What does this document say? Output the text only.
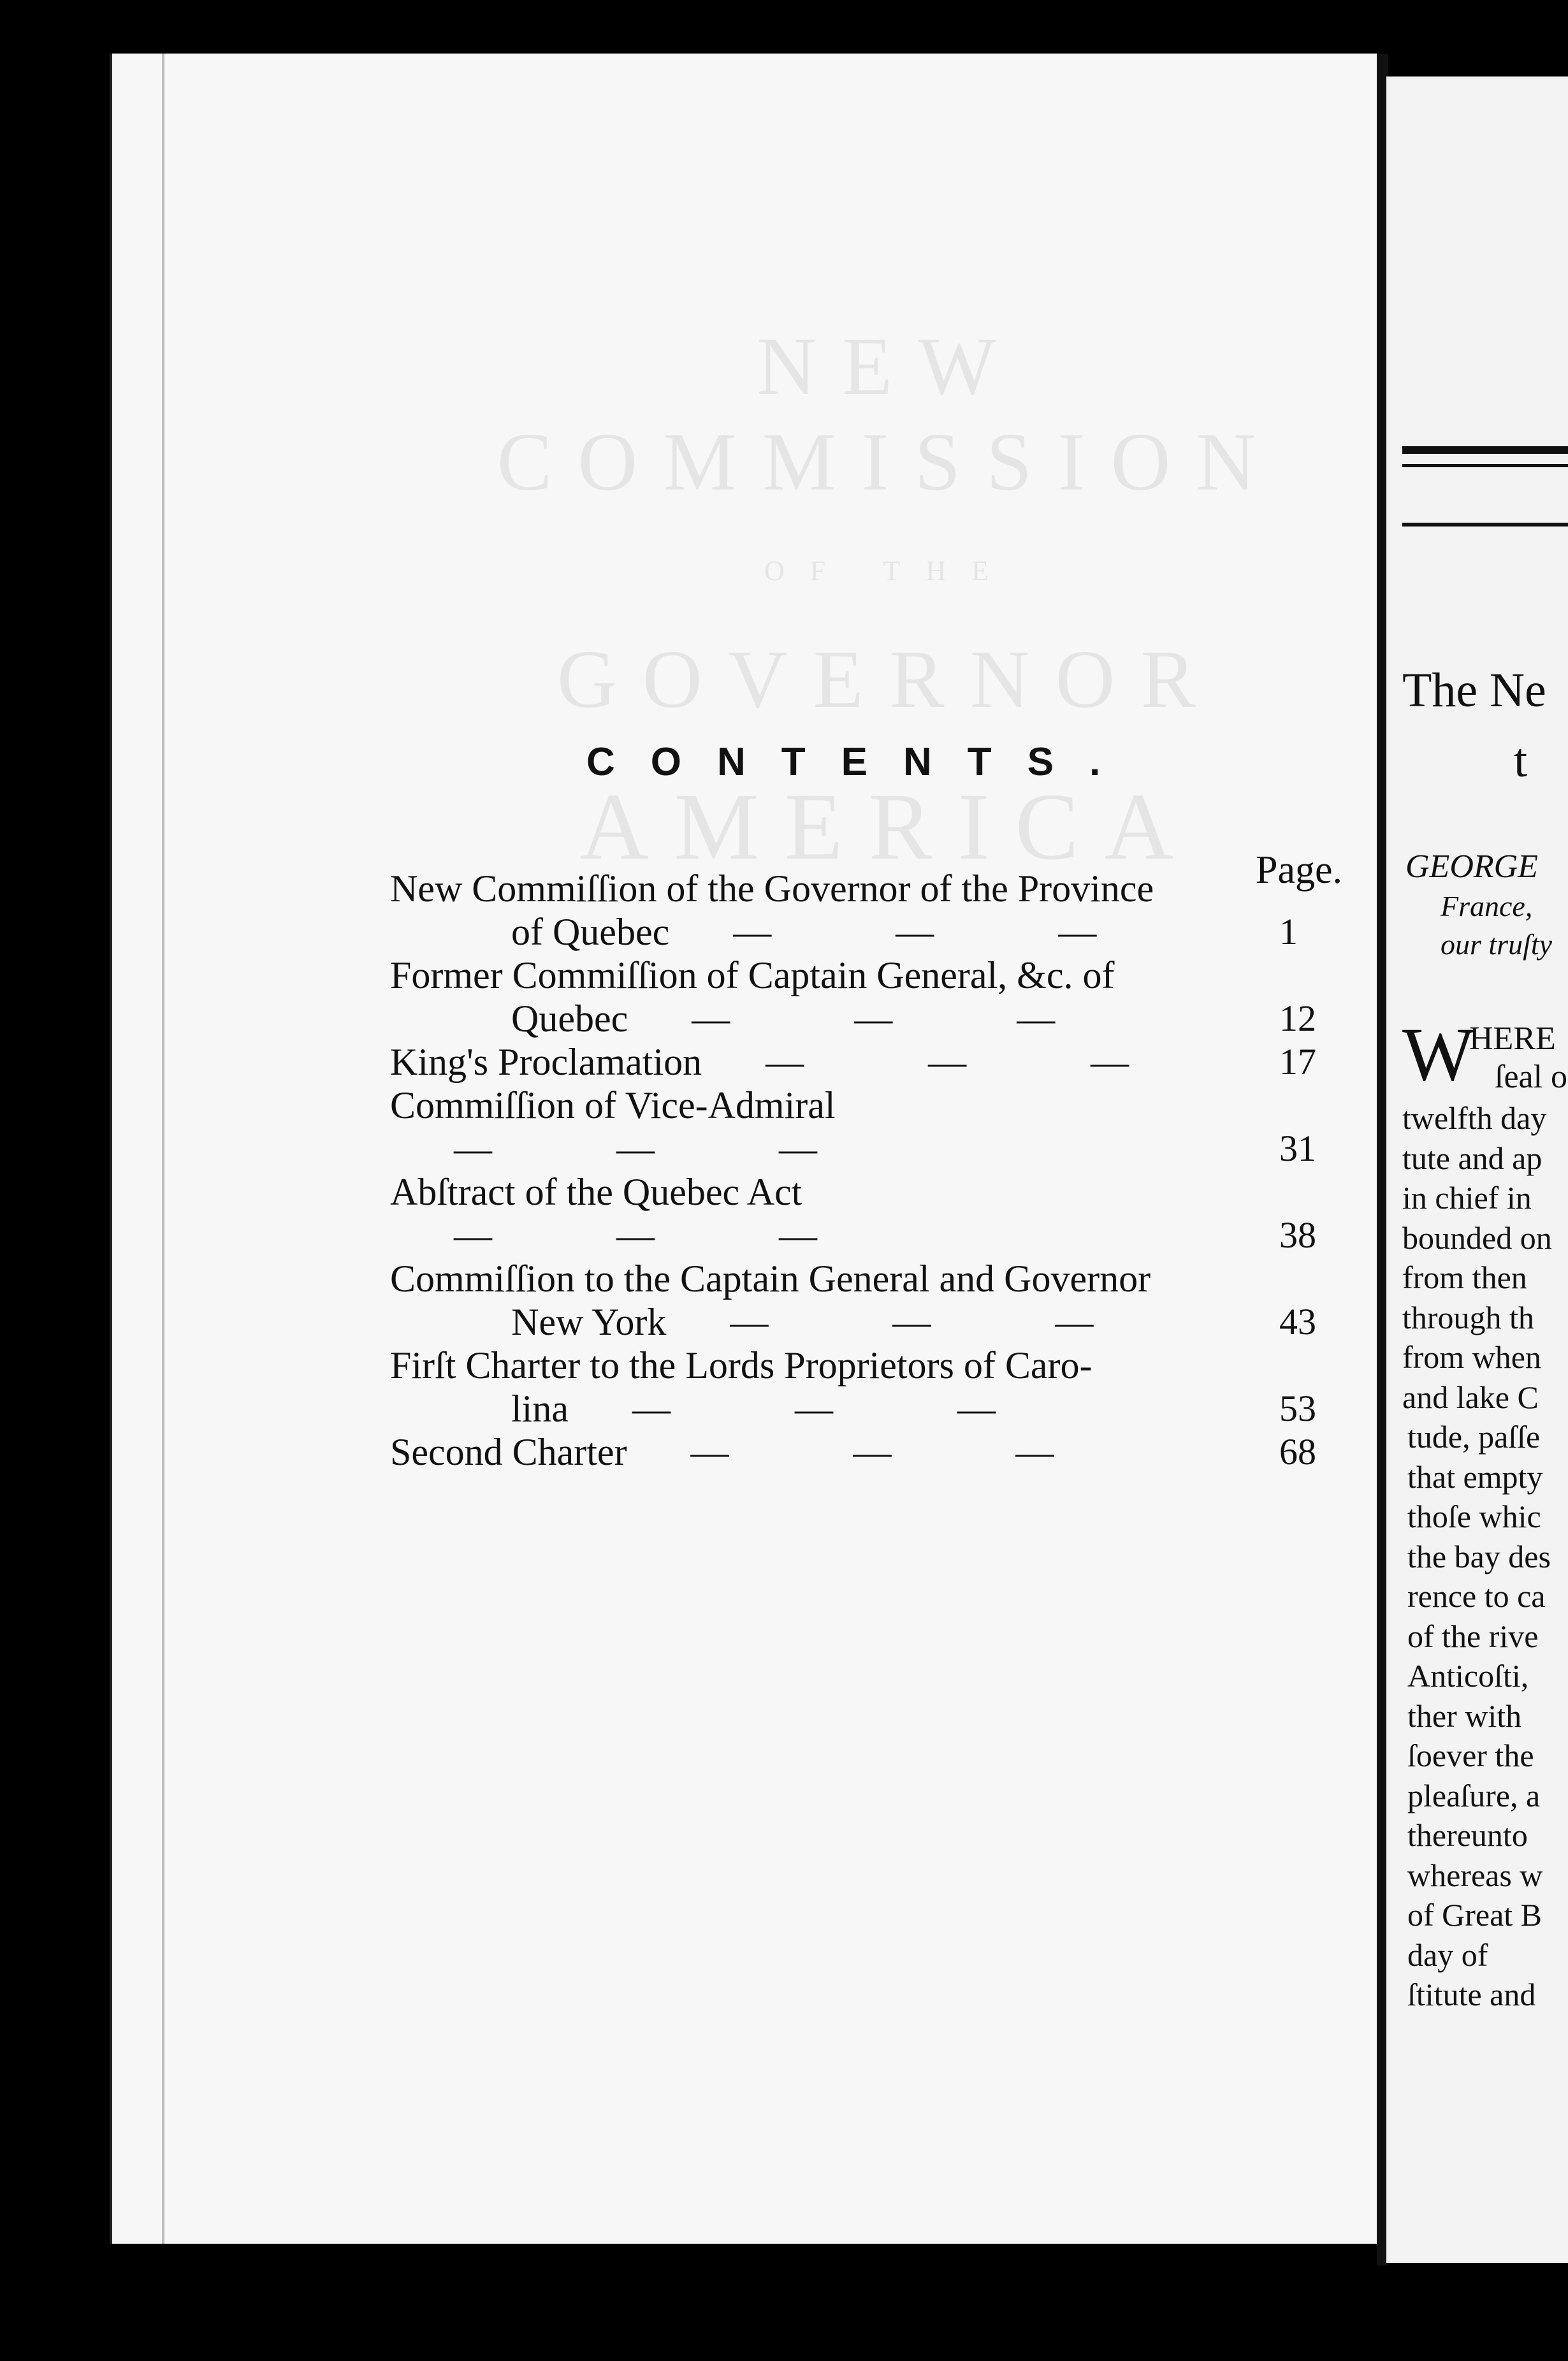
NEW COMMISSION
OF THE
GOVERNOR
AMERICA
CONTENTS.
Page.
New Commiſſion of the Governor of the Province
of Quebec — — —	1
Former Commiſſion of Captain General, &c. of
Quebec — — —	12
King's Proclamation — — —	17
Commiſſion of Vice-Admiral— — —	31
Abſtract of the Quebec Act— — —	38
Commiſſion to the Captain General and Governor
New York — — —	43
Firſt Charter to the Lords Proprietors of Caro-
lina — — —	53
Second Charter — — —	68
The Ne
t
GEORGE
France,
our truſty
W
HERE
ſeal o
twelfth day
tute and ap
in chief in
bounded on
from then
through th
from when
and lake C
tude, paſſe
that empty
thoſe whic
the bay des
rence to ca
of the rive
Anticoſti,
ther with
ſoever the
pleaſure, a
thereunto
whereas w
of Great B
day of
ſtitute and
